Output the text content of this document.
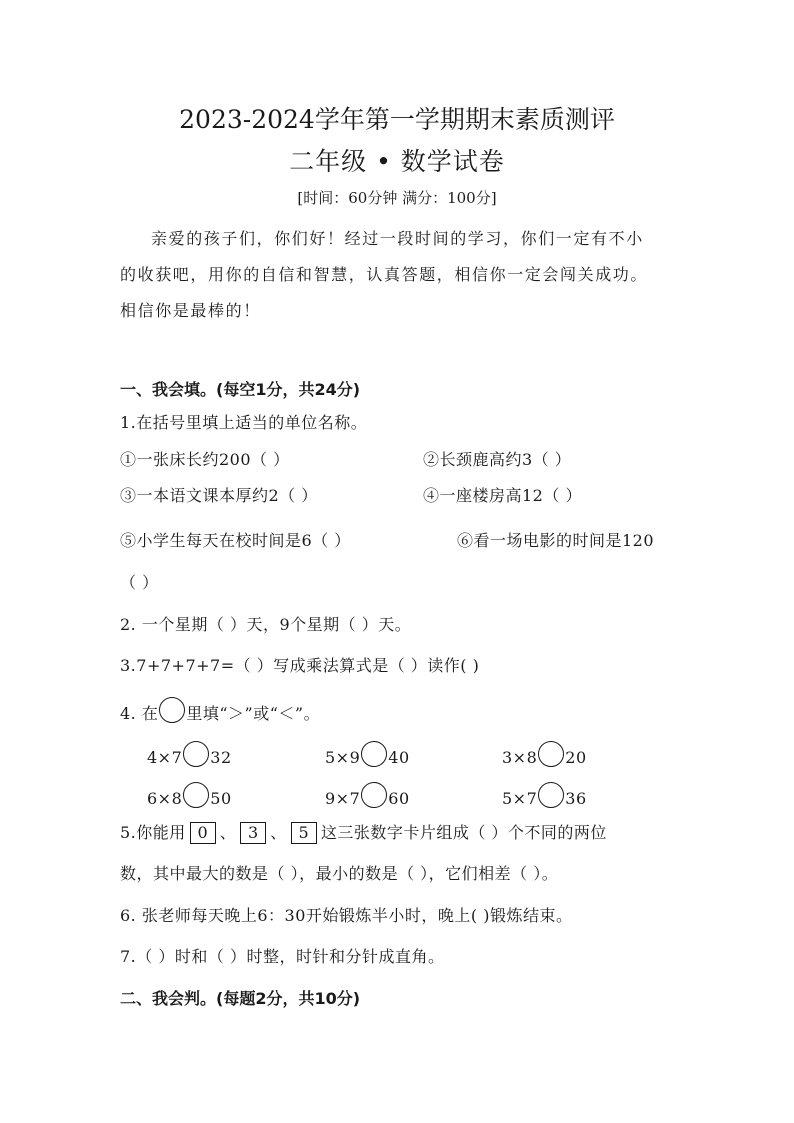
2023-2024学年第一学期期末素质测评
二年级 • 数学试卷
[时间：60分钟 满分：100分]
亲爱的孩子们，你们好！经过一段时间的学习，你们一定有不小
的收获吧，用你的自信和智慧，认真答题，相信你一定会闯关成功。
相信你是最棒的！
一、我会填。(每空1分，共24分)
1.在括号里填上适当的单位名称。
①一张床长约200（ ）	②长颈鹿高约3（ ）
③一本语文课本厚约2（ ）	④一座楼房高12（ ）
⑤小学生每天在校时间是6（ ）	⑥看一场电影的时间是120
（ ）
2. 一个星期（ ）天，9个星期（ ）天。
3.7+7+7+7=（ ）写成乘法算式是（ ）读作( )
4. 在 里填“＞”或“＜”。
4×7 32	5×9 40	3×8 20
6×8 50	9×7 60	5×7 36
5.你能用 0 、 3 、 5 这三张数字卡片组成（ ）个不同的两位
数，其中最大的数是（ ），最小的数是（ ），它们相差（ ）。
6. 张老师每天晚上6：30开始锻炼半小时，晚上( )锻炼结束。
7.（ ）时和（ ）时整，时针和分针成直角。
二、我会判。(每题2分，共10分)
